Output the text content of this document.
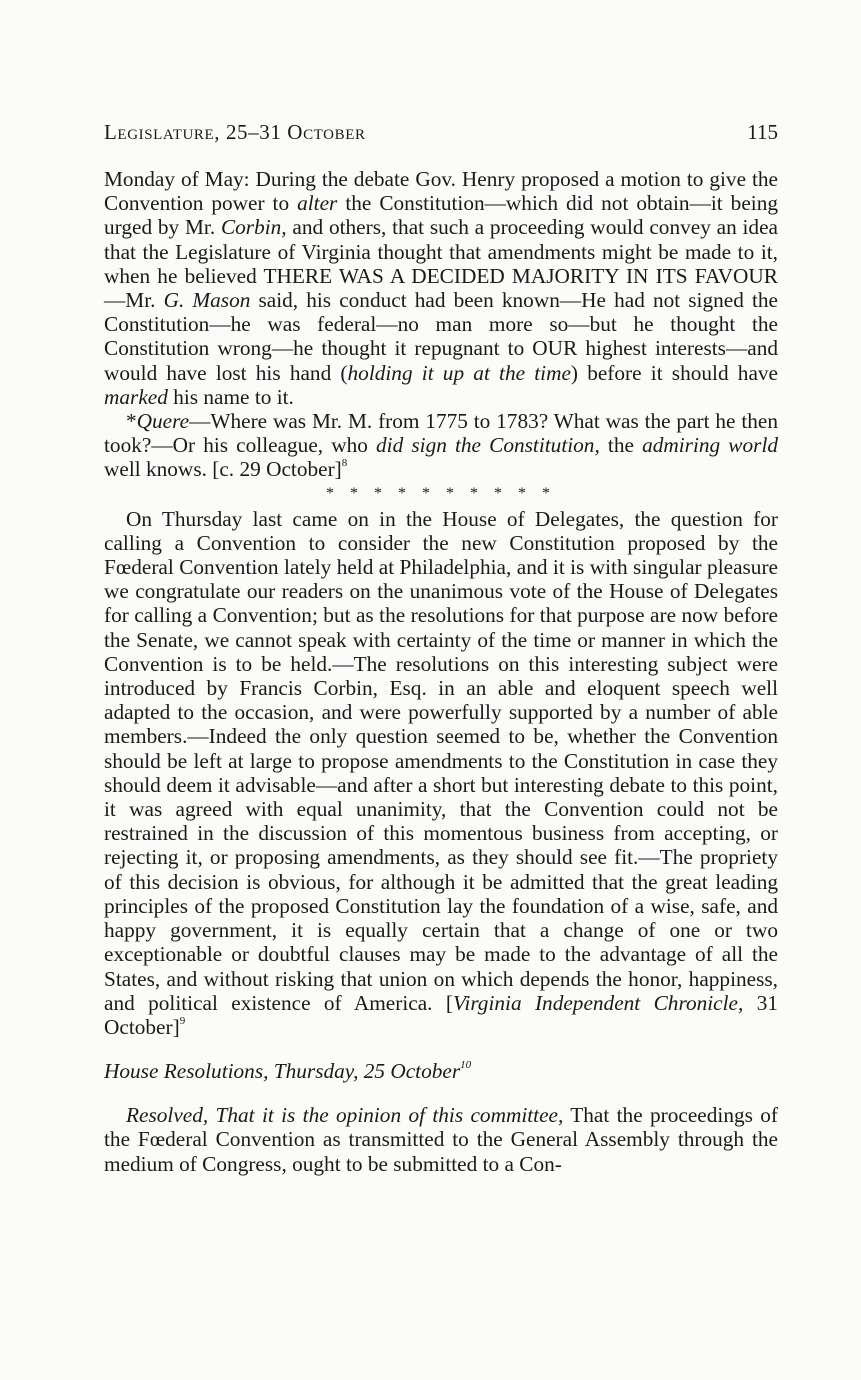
Legislature, 25–31 October	115

Monday of May: During the debate Gov. Henry proposed a motion to give the Convention power to alter the Constitution—which did not obtain—it being urged by Mr. Corbin, and others, that such a proceeding would convey an idea that the Legislature of Virginia thought that amendments might be made to it, when he believed THERE WAS A DECIDED MAJORITY IN ITS FAVOUR—Mr. G. Mason said, his conduct had been known—He had not signed the Constitution—he was federal—no man more so—but he thought the Constitution wrong—he thought it repugnant to OUR highest interests—and would have lost his hand (holding it up at the time) before it should have marked his name to it.

*Quere—Where was Mr. M. from 1775 to 1783? What was the part he then took?—Or his colleague, who did sign the Constitution, the admiring world well knows. [c. 29 October]$^8$

* * * * * * * * * *

On Thursday last came on in the House of Delegates, the question for calling a Convention to consider the new Constitution proposed by the Fœderal Convention lately held at Philadelphia, and it is with singular pleasure we congratulate our readers on the unanimous vote of the House of Delegates for calling a Convention; but as the resolutions for that purpose are now before the Senate, we cannot speak with certainty of the time or manner in which the Convention is to be held.—The resolutions on this interesting subject were introduced by Francis Corbin, Esq. in an able and eloquent speech well adapted to the occasion, and were powerfully supported by a number of able members.—Indeed the only question seemed to be, whether the Convention should be left at large to propose amendments to the Constitution in case they should deem it advisable—and after a short but interesting debate to this point, it was agreed with equal unanimity, that the Convention could not be restrained in the discussion of this momentous business from accepting, or rejecting it, or proposing amendments, as they should see fit.—The propriety of this decision is obvious, for although it be admitted that the great leading principles of the proposed Constitution lay the foundation of a wise, safe, and happy government, it is equally certain that a change of one or two exceptionable or doubtful clauses may be made to the advantage of all the States, and without risking that union on which depends the honor, happiness, and political existence of America. [Virginia Independent Chronicle, 31 October]$^9$

House Resolutions, Thursday, 25 October$^{10}$

Resolved, That it is the opinion of this committee, That the proceedings of the Fœderal Convention as transmitted to the General Assembly through the medium of Congress, ought to be submitted to a Con-
